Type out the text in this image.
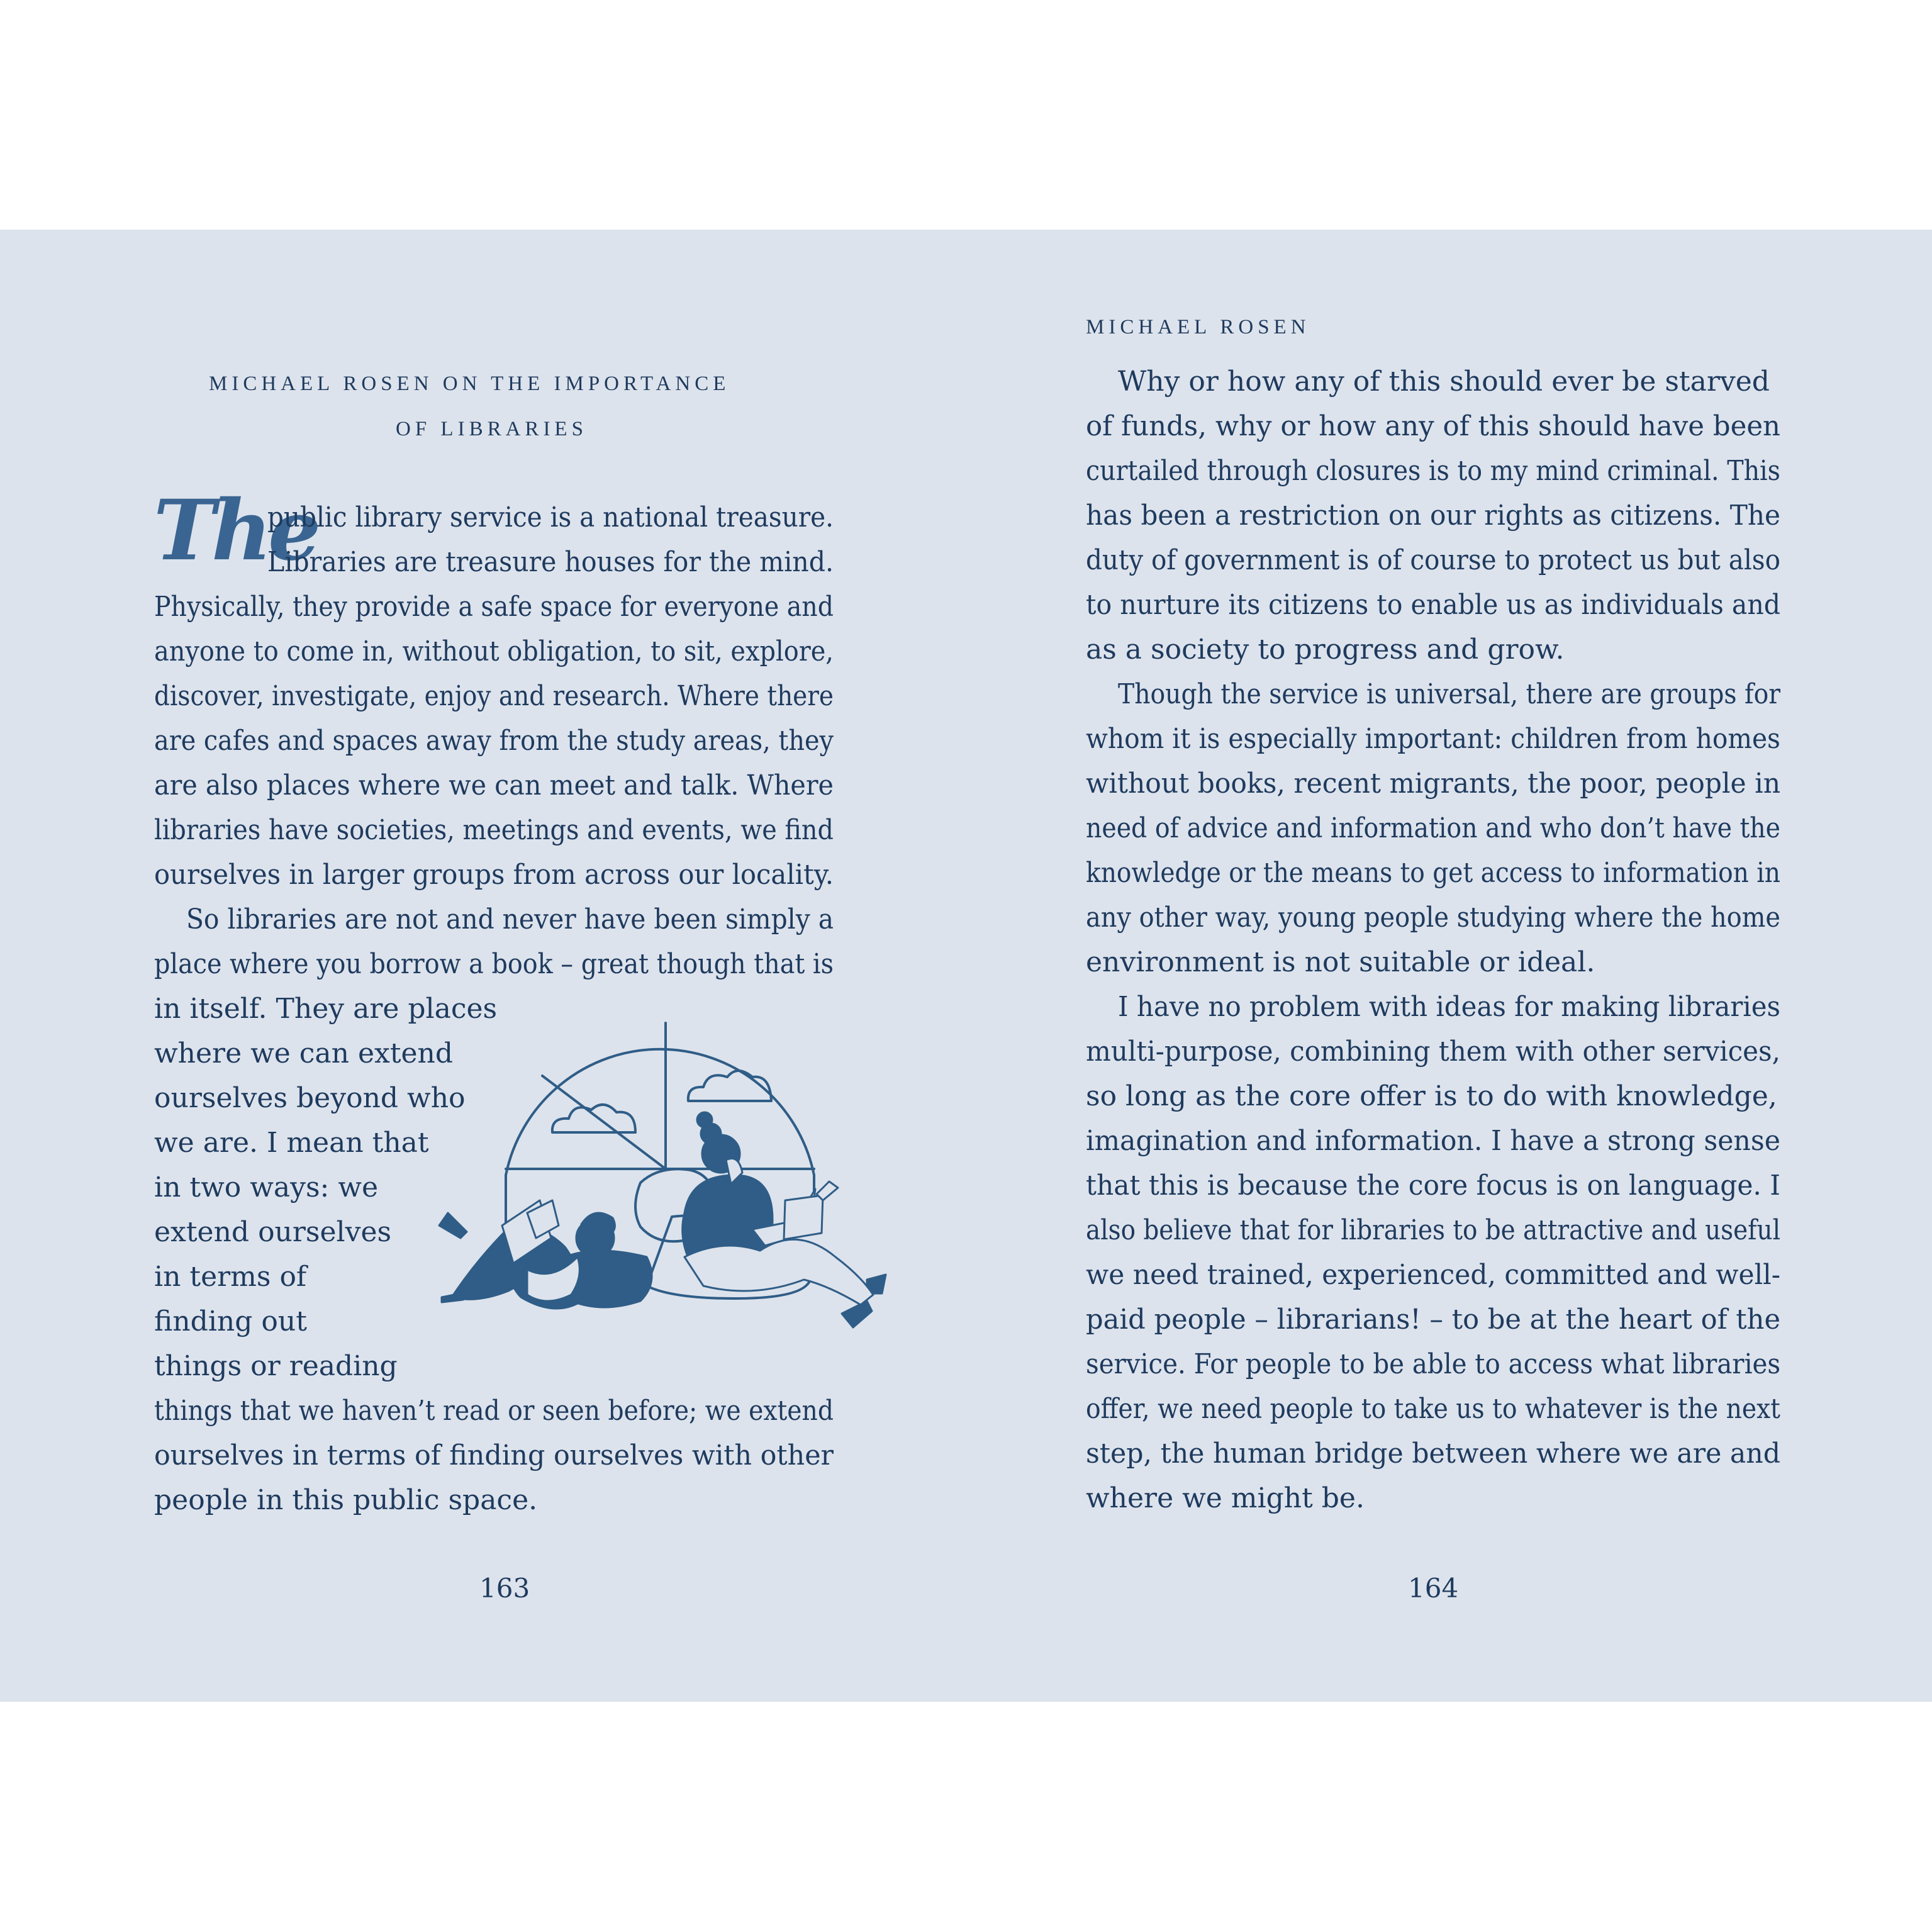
MICHAEL ROSEN ON THE IMPORTANCE
OF LIBRARIES
The
public library service is a national treasure.
Libraries are treasure houses for the mind.
Physically, they provide a safe space for everyone and
anyone to come in, without obligation, to sit, explore,
discover, investigate, enjoy and research. Where there
are cafes and spaces away from the study areas, they
are also places where we can meet and talk. Where
libraries have societies, meetings and events, we find
ourselves in larger groups from across our locality.
So libraries are not and never have been simply a
place where you borrow a book – great though that is
in itself. They are places
where we can extend
ourselves beyond who
we are. I mean that
in two ways: we
extend ourselves
in terms of
finding out
things or reading
things that we haven’t read or seen before; we extend
ourselves in terms of finding ourselves with other
people in this public space.
163
MICHAEL ROSEN
Why or how any of this should ever be starved
of funds, why or how any of this should have been
curtailed through closures is to my mind criminal. This
has been a restriction on our rights as citizens. The
duty of government is of course to protect us but also
to nurture its citizens to enable us as individuals and
as a society to progress and grow.
Though the service is universal, there are groups for
whom it is especially important: children from homes
without books, recent migrants, the poor, people in
need of advice and information and who don’t have the
knowledge or the means to get access to information in
any other way, young people studying where the home
environment is not suitable or ideal.
I have no problem with ideas for making libraries
multi-purpose, combining them with other services,
so long as the core offer is to do with knowledge,
imagination and information. I have a strong sense
that this is because the core focus is on language. I
also believe that for libraries to be attractive and useful
we need trained, experienced, committed and well-
paid people – librarians! – to be at the heart of the
service. For people to be able to access what libraries
offer, we need people to take us to whatever is the next
step, the human bridge between where we are and
where we might be.
164
